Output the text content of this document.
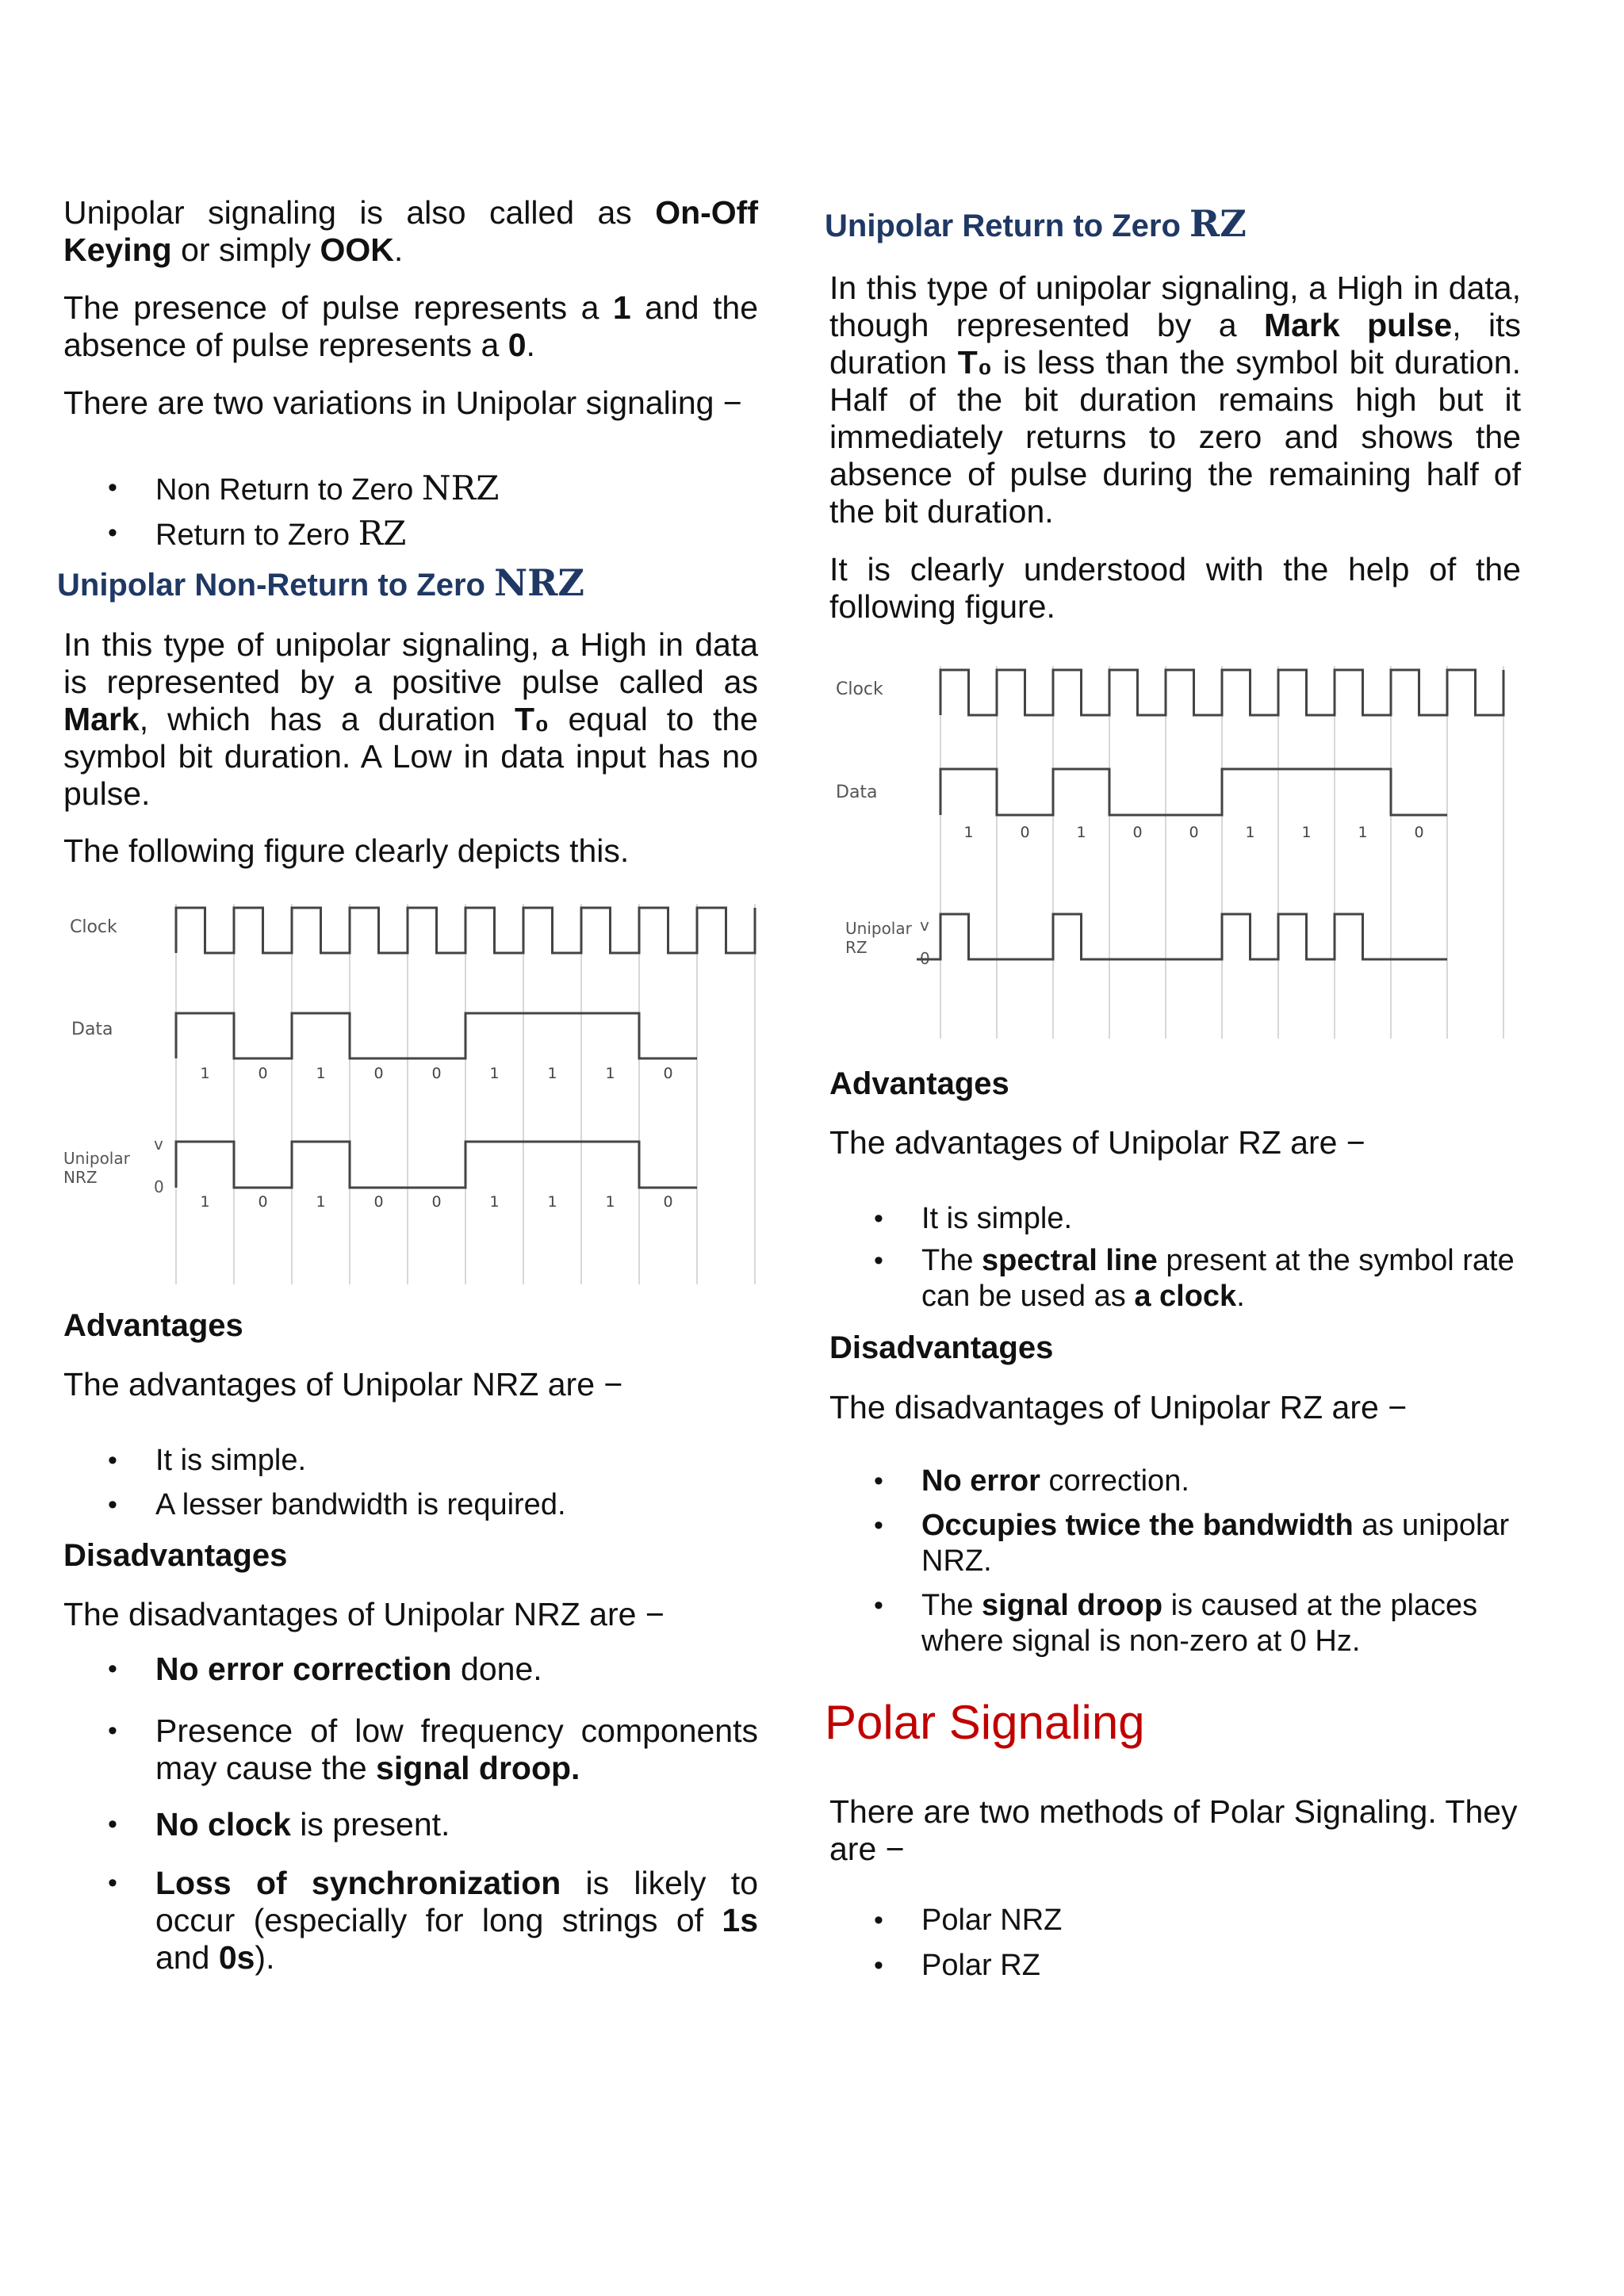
Unipolar signaling is also called as On-Off Keying or simply OOK.

The presence of pulse represents a 1 and the absence of pulse represents a 0.

There are two variations in Unipolar signaling −

• Non Return to Zero NRZ
• Return to Zero RZ
Unipolar Non-Return to Zero NRZ

In this type of unipolar signaling, a High in data is represented by a positive pulse called as Mark, which has a duration T₀ equal to the symbol bit duration. A Low in data input has no pulse.

The following figure clearly depicts this.

Clock
Data
Unipolar
NRZ
v
0
1	0	1	0	0	1	1	1	0
1	0	1	0	0	1	1	1	0
Advantages

The advantages of Unipolar NRZ are −

• It is simple.
• A lesser bandwidth is required.
Disadvantages

The disadvantages of Unipolar NRZ are −

• No error correction done.
• Presence of low frequency components may cause the signal droop.
• No clock is present.
• Loss of synchronization is likely to occur (especially for long strings of 1s and 0s).
Unipolar Return to Zero RZ

In this type of unipolar signaling, a High in data, though represented by a Mark pulse, its duration T₀ is less than the symbol bit duration. Half of the bit duration remains high but it immediately returns to zero and shows the absence of pulse during the remaining half of the bit duration.

It is clearly understood with the help of the following figure.

Clock
Data
Unipolar
RZ
v
0
1	0	1	0	0	1	1	1	0
Advantages

The advantages of Unipolar RZ are −

• It is simple.
• The spectral line present at the symbol rate can be used as a clock.
Disadvantages

The disadvantages of Unipolar RZ are −

• No error correction.
• Occupies twice the bandwidth as unipolar NRZ.
• The signal droop is caused at the places where signal is non-zero at 0 Hz.
Polar Signaling

There are two methods of Polar Signaling. They are −

• Polar NRZ
• Polar RZ
